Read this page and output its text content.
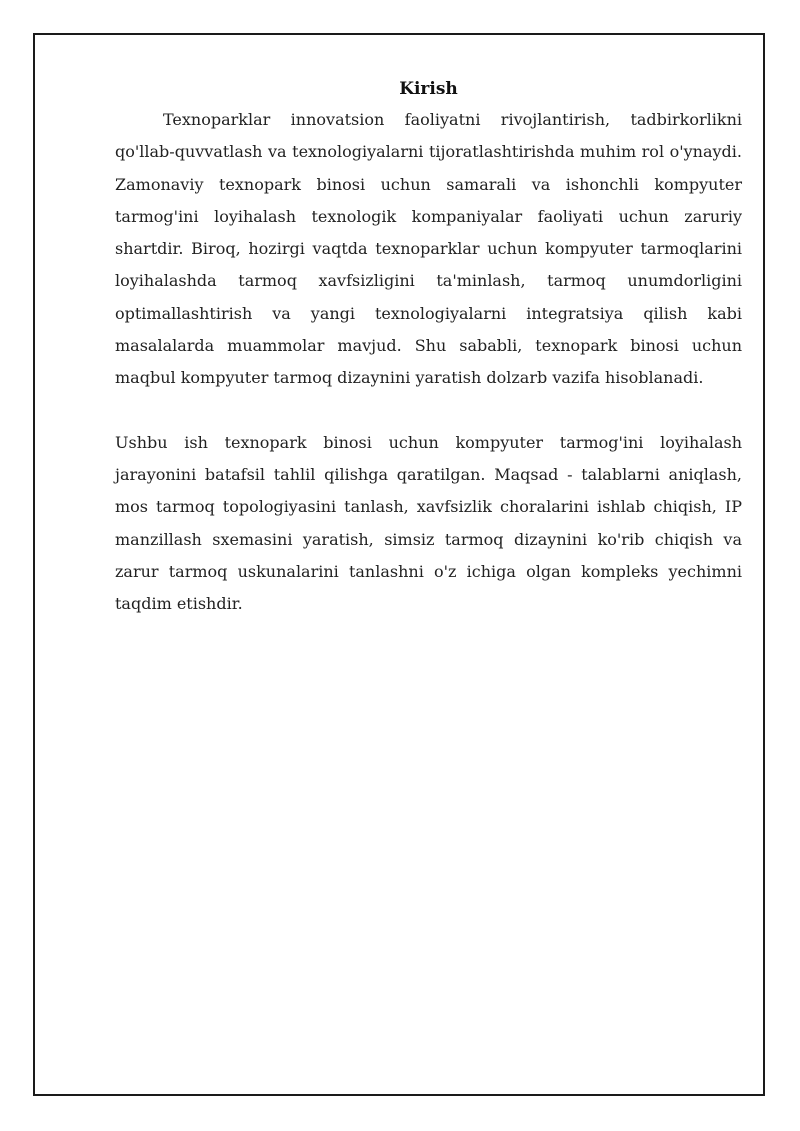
Kirish

Texnoparklar innovatsion faoliyatni rivojlantirish, tadbirkorlikni qo'llab-quvvatlash va texnologiyalarni tijoratlashtirishda muhim rol o'ynaydi. Zamonaviy texnopark binosi uchun samarali va ishonchli kompyuter tarmog'ini loyihalash texnologik kompaniyalar faoliyati uchun zaruriy shartdir. Biroq, hozirgi vaqtda texnoparklar uchun kompyuter tarmoqlarini loyihalashda tarmoq xavfsizligini ta'minlash, tarmoq unumdorligini optimallashtirish va yangi texnologiyalarni integratsiya qilish kabi masalalarda muammolar mavjud. Shu sababli, texnopark binosi uchun maqbul kompyuter tarmoq dizaynini yaratish dolzarb vazifa hisoblanadi.

Ushbu ish texnopark binosi uchun kompyuter tarmog'ini loyihalash jarayonini batafsil tahlil qilishga qaratilgan. Maqsad - talablarni aniqlash, mos tarmoq topologiyasini tanlash, xavfsizlik choralarini ishlab chiqish, IP manzillash sxemasini yaratish, simsiz tarmoq dizaynini ko'rib chiqish va zarur tarmoq uskunalarini tanlashni o'z ichiga olgan kompleks yechimni taqdim etishdir.
